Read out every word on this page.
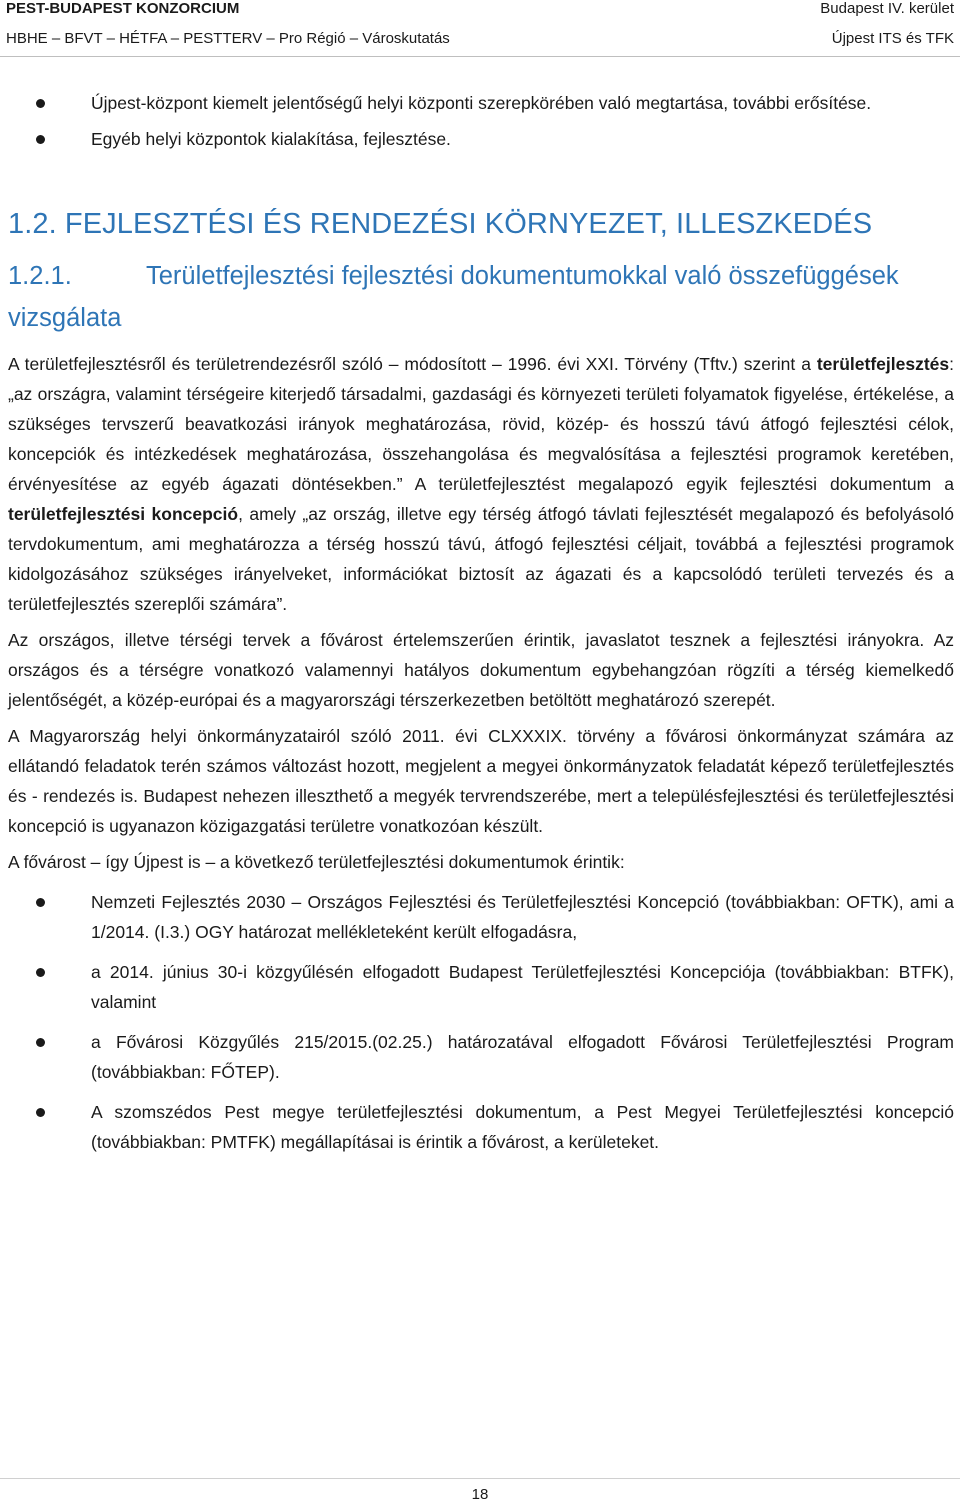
PEST-BUDAPEST KONZORCIUM
HBHE – BFVT – HÉTFA – PESTTERV – Pro Régió – Városkutatás
Budapest IV. kerület
Újpest ITS és TFK
Újpest-központ kiemelt jelentőségű helyi központi szerepkörében való megtartása, további erősítése.
Egyéb helyi központok kialakítása, fejlesztése.
1.2. FEJLESZTÉSI ÉS RENDEZÉSI KÖRNYEZET, ILLESZKEDÉS
1.2.1.	Területfejlesztési fejlesztési dokumentumokkal való összefüggések vizsgálata

A területfejlesztésről és területrendezésről szóló – módosított – 1996. évi XXI. Törvény (Tftv.) szerint a területfejlesztés: „az országra, valamint térségeire kiterjedő társadalmi, gazdasági és környezeti területi folyamatok figyelése, értékelése, a szükséges tervszerű beavatkozási irányok meghatározása, rövid, közép- és hosszú távú átfogó fejlesztési célok, koncepciók és intézkedések meghatározása, összehangolása és megvalósítása a fejlesztési programok keretében, érvényesítése az egyéb ágazati döntésekben.” A területfejlesztést megalapozó egyik fejlesztési dokumentum a területfejlesztési koncepció, amely „az ország, illetve egy térség átfogó távlati fejlesztését megalapozó és befolyásoló tervdokumentum, ami meghatározza a térség hosszú távú, átfogó fejlesztési céljait, továbbá a fejlesztési programok kidolgozásához szükséges irányelveket, információkat biztosít az ágazati és a kapcsolódó területi tervezés és a területfejlesztés szereplői számára”.

Az országos, illetve térségi tervek a fővárost értelemszerűen érintik, javaslatot tesznek a fejlesztési irányokra. Az országos és a térségre vonatkozó valamennyi hatályos dokumentum egybehangzóan rögzíti a térség kiemelkedő jelentőségét, a közép-európai és a magyarországi térszerkezetben betöltött meghatározó szerepét.

A Magyarország helyi önkormányzatairól szóló 2011. évi CLXXXIX. törvény a fővárosi önkormányzat számára az ellátandó feladatok terén számos változást hozott, megjelent a megyei önkormányzatok feladatát képező területfejlesztés és - rendezés is. Budapest nehezen illeszthető a megyék tervrendszerébe, mert a településfejlesztési és területfejlesztési koncepció is ugyanazon közigazgatási területre vonatkozóan készült.

A fővárost – így Újpest is – a következő területfejlesztési dokumentumok érintik:

Nemzeti Fejlesztés 2030 – Országos Fejlesztési és Területfejlesztési Koncepció (továbbiakban: OFTK), ami a 1/2014. (I.3.) OGY határozat mellékleteként került elfogadásra,
a 2014. június 30-i közgyűlésén elfogadott Budapest Területfejlesztési Koncepciója (továbbiakban: BTFK), valamint
a Fővárosi Közgyűlés 215/2015.(02.25.) határozatával elfogadott Fővárosi Területfejlesztési Program (továbbiakban: FŐTEP).
A szomszédos Pest megye területfejlesztési dokumentum, a Pest Megyei Területfejlesztési koncepció (továbbiakban: PMTFK) megállapításai is érintik a fővárost, a kerületeket.
18
